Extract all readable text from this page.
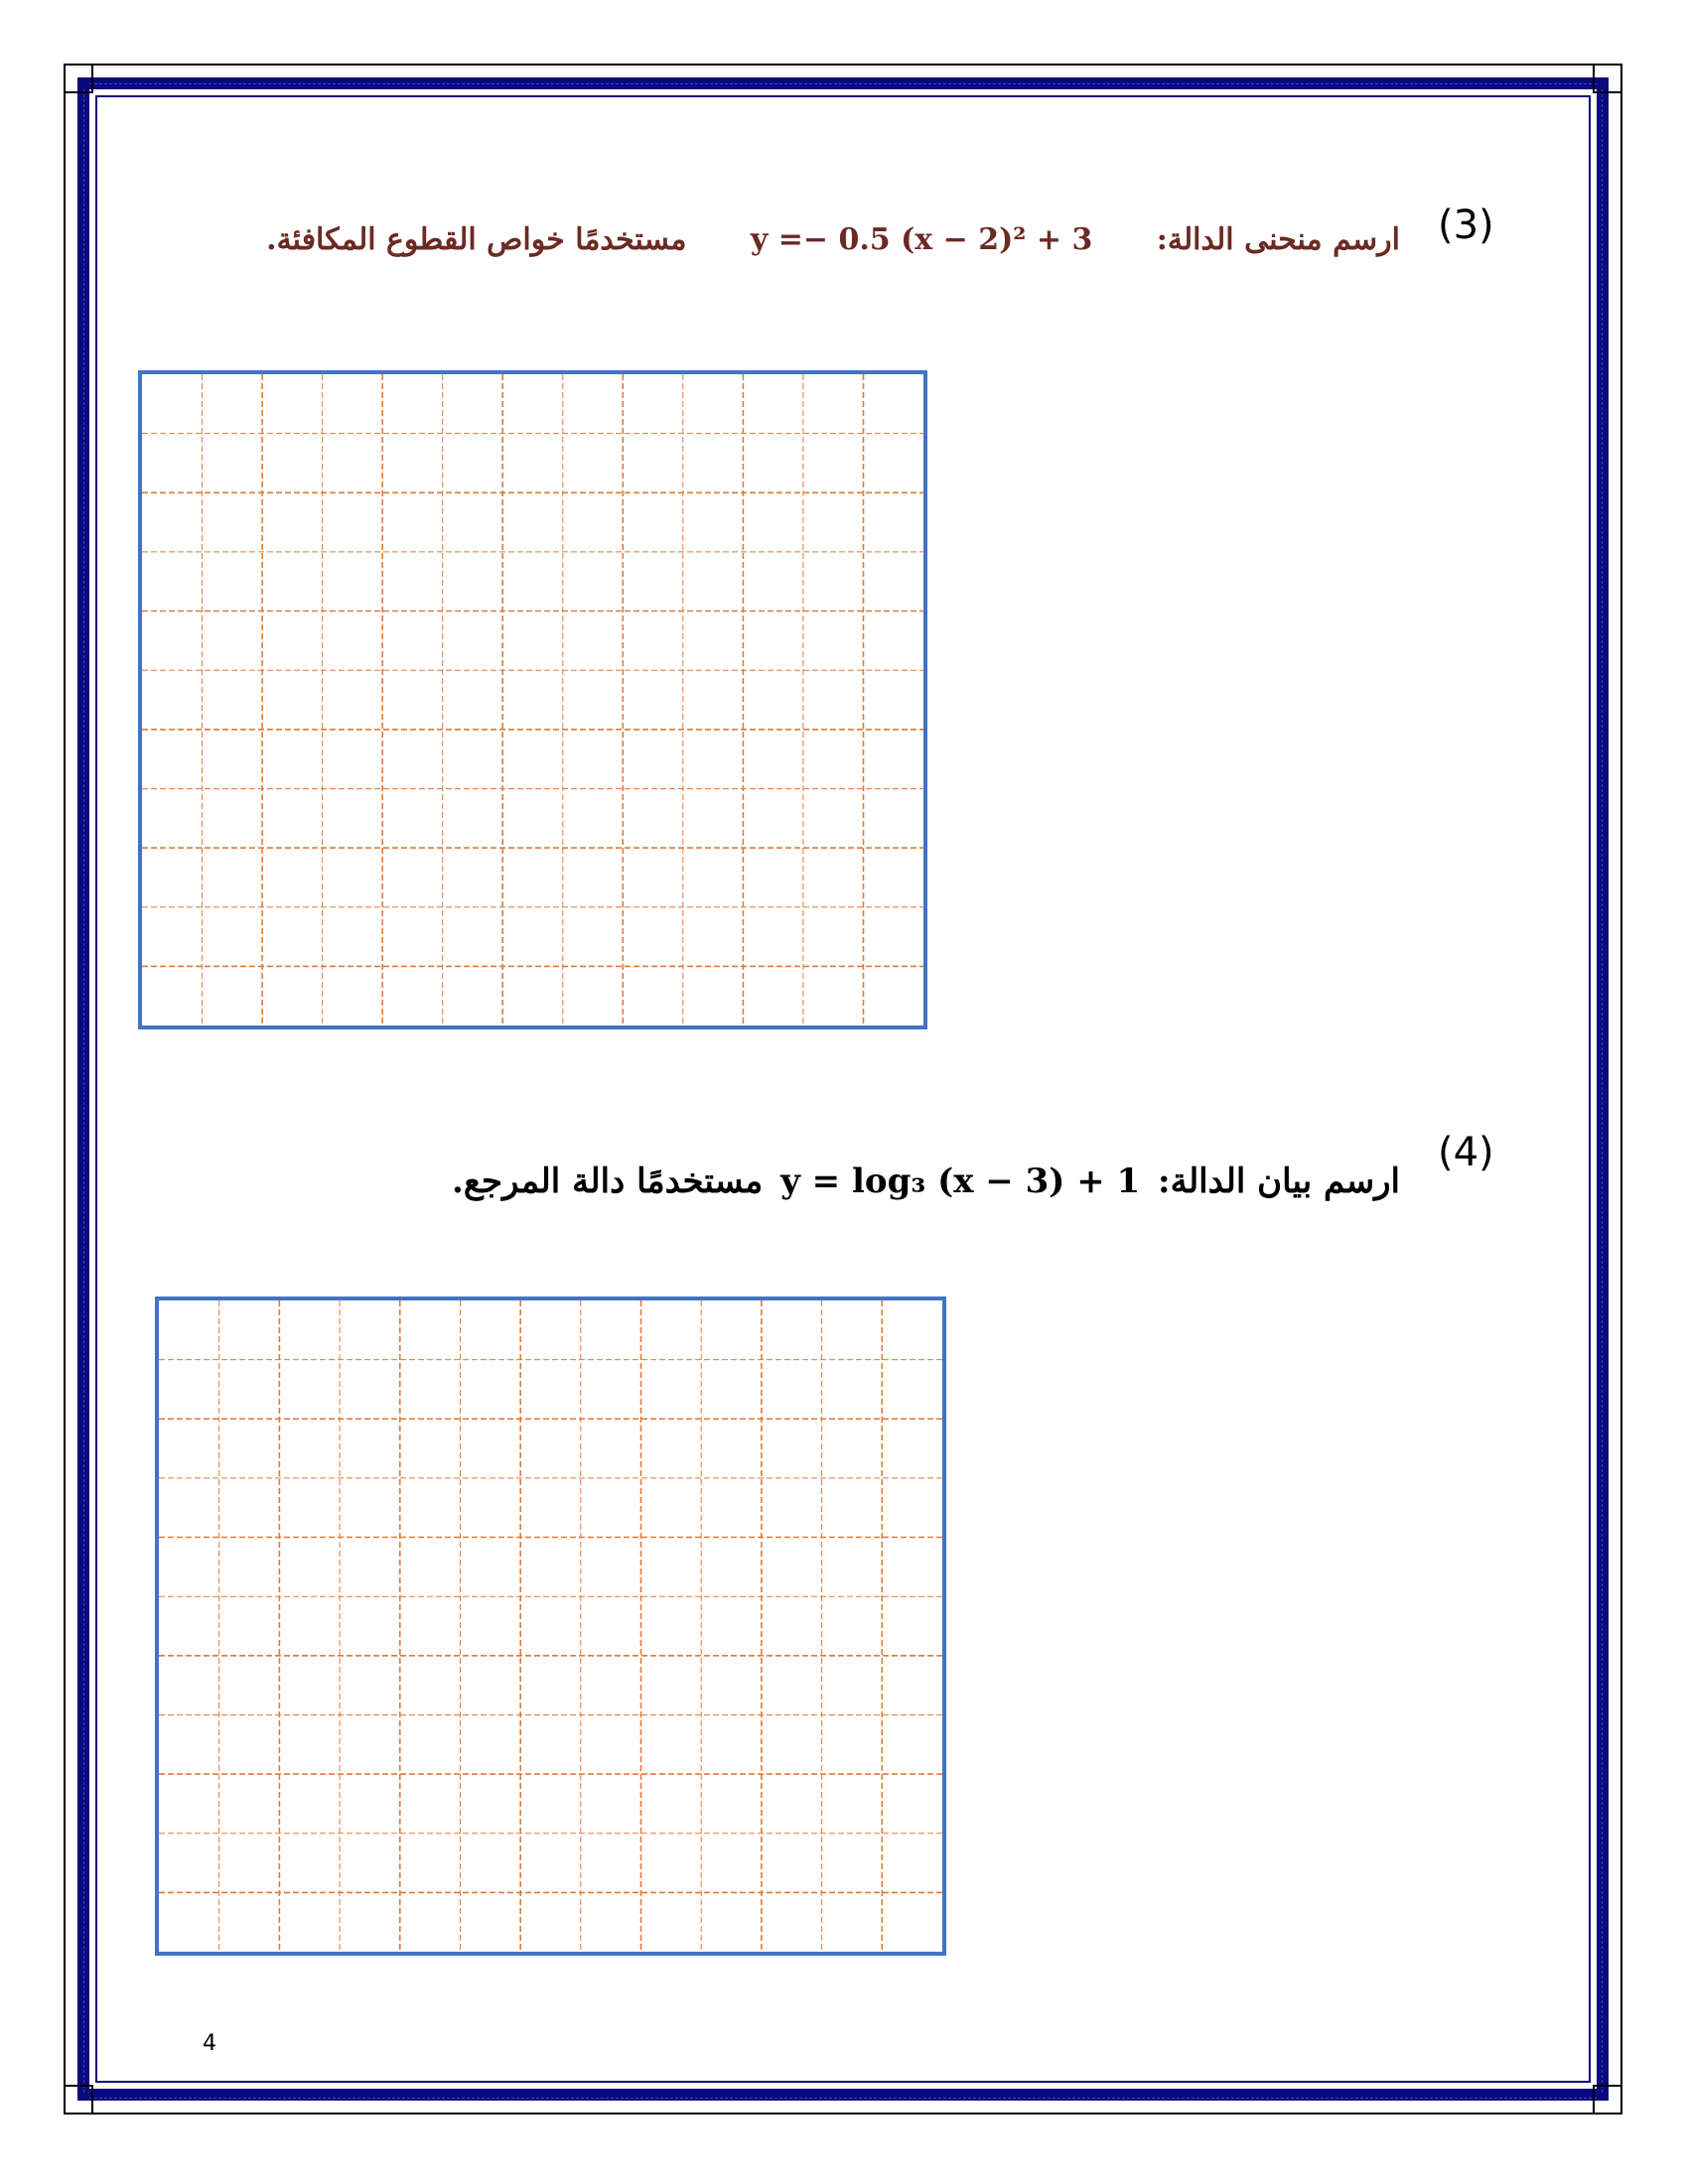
(3)
ارسم منحنى الدالة: y =− 0.5 (x − 2)² + 3 مستخدمًا خواص القطوع المكافئة.
(4)
ارسم بيان الدالة: y = log₃ (x − 3) + 1 مستخدمًا دالة المرجع.
4
